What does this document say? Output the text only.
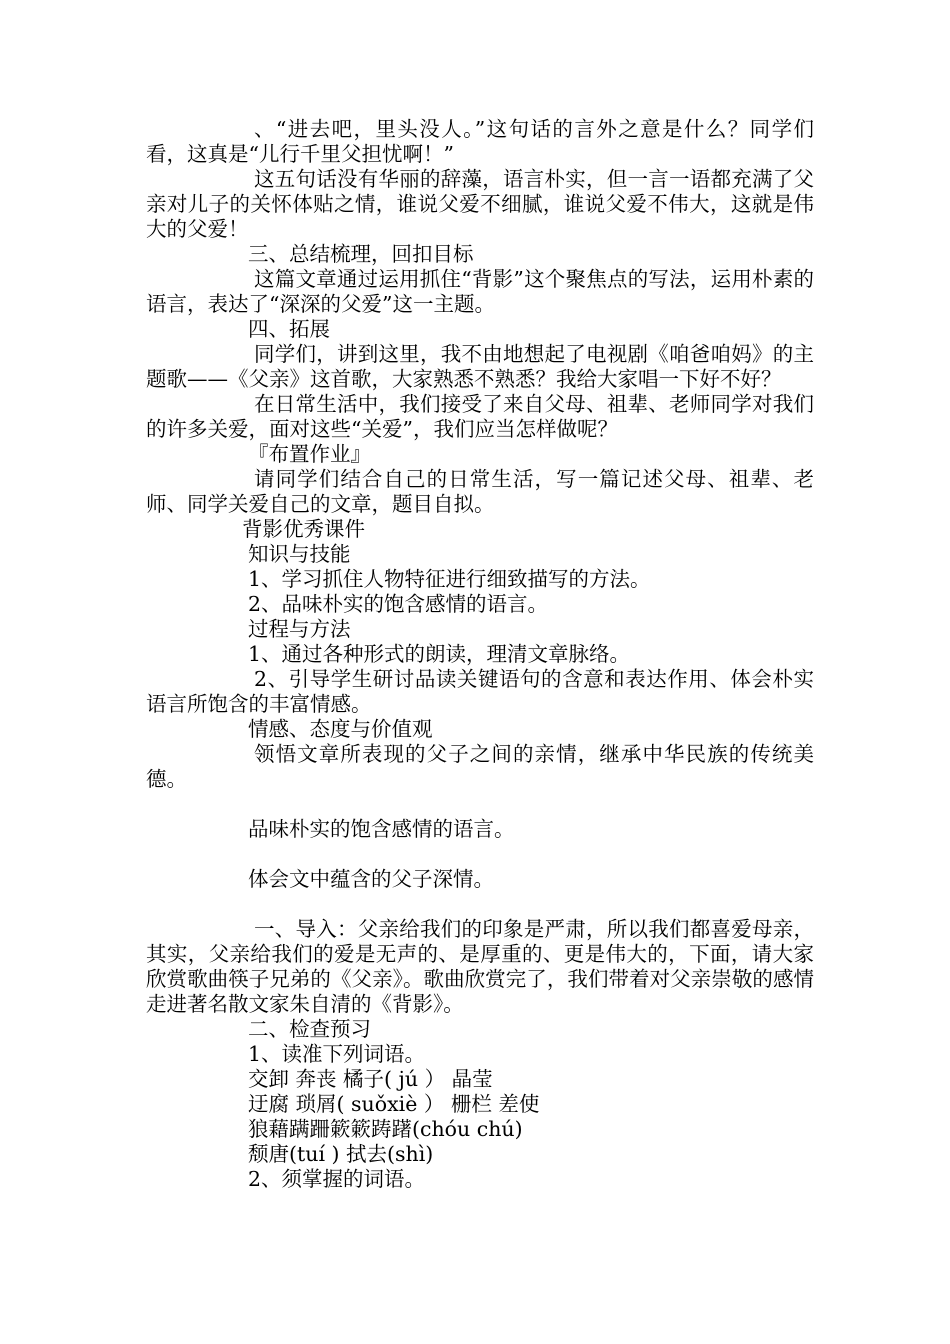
、“进去吧，里头没人。”这句话的言外之意是什么？同学们看，这真是“儿行千里父担忧啊！”

这五句话没有华丽的辞藻，语言朴实，但一言一语都充满了父亲对儿子的关怀体贴之情，谁说父爱不细腻，谁说父爱不伟大，这就是伟大的父爱！

三、总结梳理，回扣目标

这篇文章通过运用抓住“背影”这个聚焦点的写法，运用朴素的语言，表达了“深深的父爱”这一主题。

四、拓展

同学们，讲到这里，我不由地想起了电视剧《咱爸咱妈》的主题歌——《父亲》这首歌，大家熟悉不熟悉？我给大家唱一下好不好？

在日常生活中，我们接受了来自父母、祖辈、老师同学对我们的许多关爱，面对这些“关爱”，我们应当怎样做呢？

『布置作业』

请同学们结合自己的日常生活，写一篇记述父母、祖辈、老师、同学关爱自己的文章，题目自拟。

背影优秀课件

知识与技能

1、学习抓住人物特征进行细致描写的方法。

2、品味朴实的饱含感情的语言。

过程与方法

1、通过各种形式的朗读，理清文章脉络。

2、引导学生研讨品读关键语句的含意和表达作用、体会朴实语言所饱含的丰富情感。

情感、态度与价值观

领悟文章所表现的父子之间的亲情，继承中华民族的传统美德。

品味朴实的饱含感情的语言。

体会文中蕴含的父子深情。

一、导入：父亲给我们的印象是严肃，所以我们都喜爱母亲，其实，父亲给我们的爱是无声的、是厚重的、更是伟大的，下面，请大家欣赏歌曲筷子兄弟的《父亲》。歌曲欣赏完了，我们带着对父亲崇敬的感情走进著名散文家朱自清的《背影》。

二、检查预习

1、读准下列词语。

交卸 奔丧 橘子( jú ） 晶莹

迂腐 琐屑( suǒxiè ） 栅栏 差使

狼藉蹒跚簌簌踌躇(chóu chú)

颓唐(tuí ) 拭去(shì)

2、须掌握的词语。
